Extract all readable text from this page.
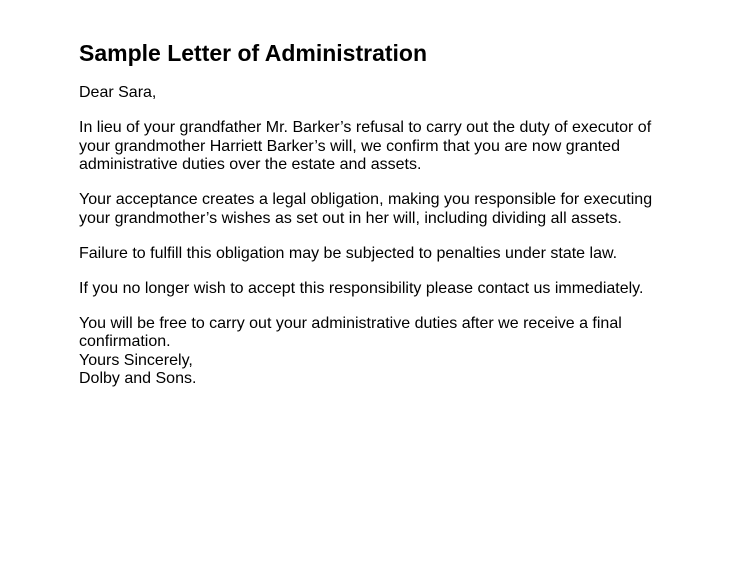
Sample Letter of Administration

Dear Sara,

In lieu of your grandfather Mr. Barker’s refusal to carry out the duty of executor of
your grandmother Harriett Barker’s will, we confirm that you are now granted
administrative duties over the estate and assets.

Your acceptance creates a legal obligation, making you responsible for executing
your grandmother’s wishes as set out in her will, including dividing all assets.

Failure to fulfill this obligation may be subjected to penalties under state law.

If you no longer wish to accept this responsibility please contact us immediately.

You will be free to carry out your administrative duties after we receive a final
confirmation.
Yours Sincerely,
Dolby and Sons.
